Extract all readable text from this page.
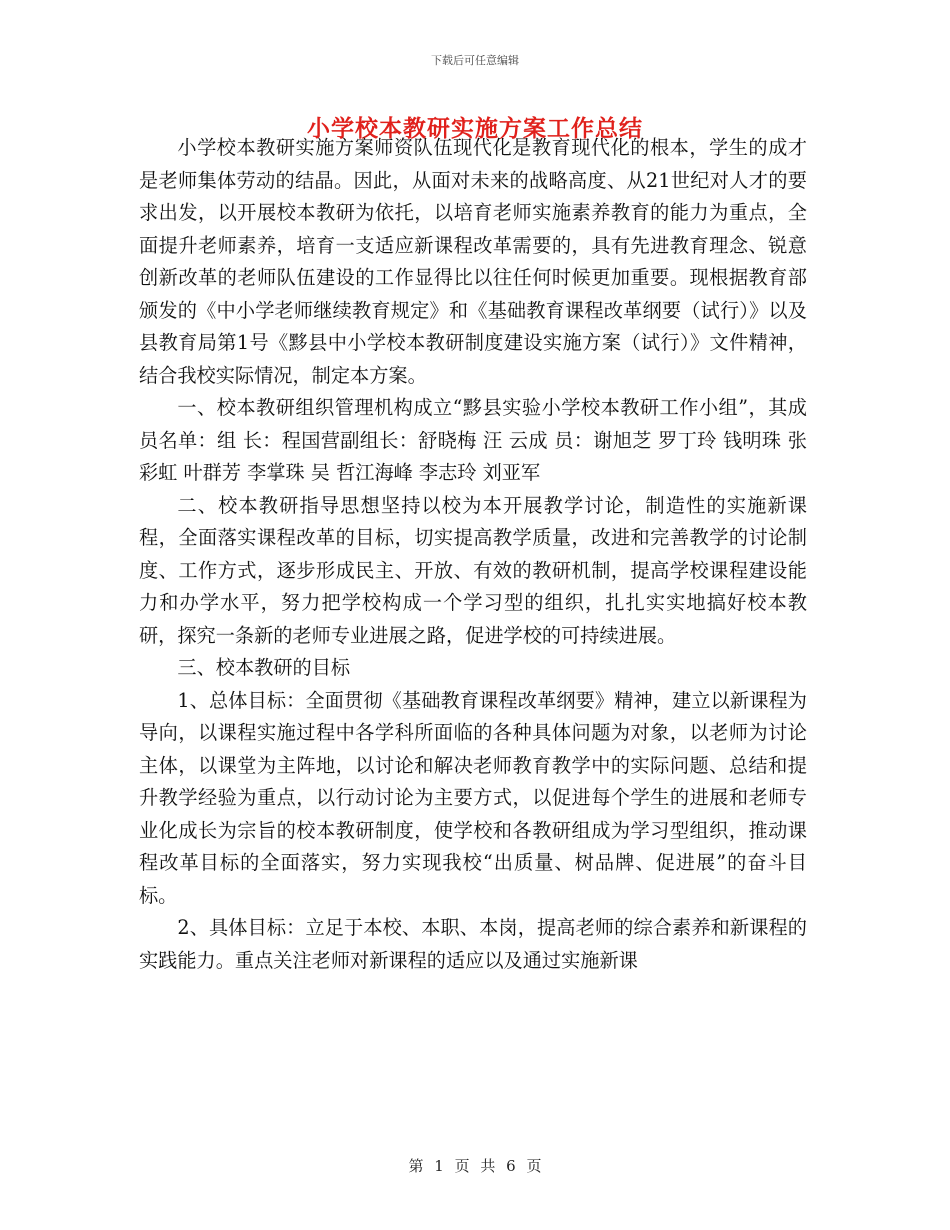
下载后可任意编辑
小学校本教研实施方案工作总结

小学校本教研实施方案师资队伍现代化是教育现代化的根本，学生的成才是老师集体劳动的结晶。因此，从面对未来的战略高度、从21世纪对人才的要求出发，以开展校本教研为依托，以培育老师实施素养教育的能力为重点，全面提升老师素养，培育一支适应新课程改革需要的，具有先进教育理念、锐意创新改革的老师队伍建设的工作显得比以往任何时候更加重要。现根据教育部颁发的《中小学老师继续教育规定》和《基础教育课程改革纲要（试行）》以及县教育局第1号《黟县中小学校本教研制度建设实施方案（试行）》文件精神，结合我校实际情况，制定本方案。

一、校本教研组织管理机构成立“黟县实验小学校本教研工作小组”，其成员名单：组 长：程国营副组长：舒晓梅 汪 云成 员：谢旭芝 罗丁玲 钱明珠 张彩虹 叶群芳 李掌珠 吴 哲江海峰 李志玲 刘亚军

二、校本教研指导思想坚持以校为本开展教学讨论，制造性的实施新课程，全面落实课程改革的目标，切实提高教学质量，改进和完善教学的讨论制度、工作方式，逐步形成民主、开放、有效的教研机制，提高学校课程建设能力和办学水平，努力把学校构成一个学习型的组织，扎扎实实地搞好校本教研，探究一条新的老师专业进展之路，促进学校的可持续进展。

三、校本教研的目标

1、总体目标：全面贯彻《基础教育课程改革纲要》精神，建立以新课程为导向，以课程实施过程中各学科所面临的各种具体问题为对象，以老师为讨论主体，以课堂为主阵地，以讨论和解决老师教育教学中的实际问题、总结和提升教学经验为重点，以行动讨论为主要方式，以促进每个学生的进展和老师专业化成长为宗旨的校本教研制度，使学校和各教研组成为学习型组织，推动课程改革目标的全面落实，努力实现我校“出质量、树品牌、促进展”的奋斗目标。

2、具体目标：立足于本校、本职、本岗，提高老师的综合素养和新课程的实践能力。重点关注老师对新课程的适应以及通过实施新课

第 1 页 共 6 页
